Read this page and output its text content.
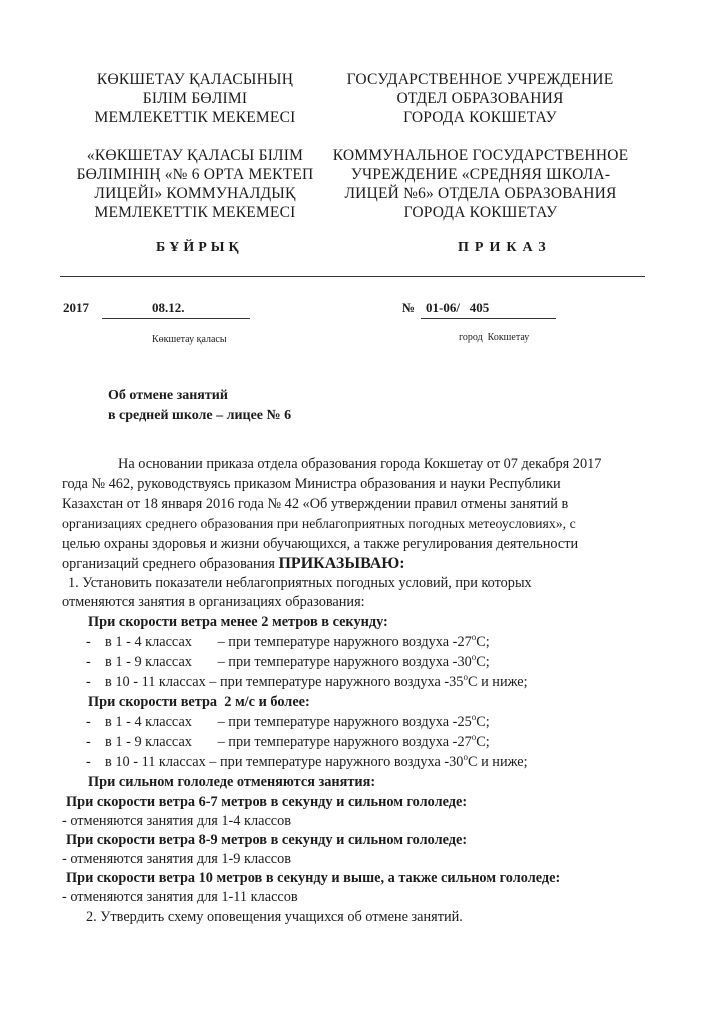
КӨКШЕТАУ ҚАЛАСЫНЫҢ
БІЛІМ БӨЛІМІ
МЕМЛЕКЕТТІК МЕКЕМЕСІ
«КӨКШЕТАУ ҚАЛАСЫ БІЛІМ
БӨЛІМІНІҢ «№ 6 ОРТА МЕКТЕП
ЛИЦЕЙІ» КОММУНАЛДЫҚ
МЕМЛЕКЕТТІК МЕКЕМЕСІ
БҰЙРЫҚ
ГОСУДАРСТВЕННОЕ УЧРЕЖДЕНИЕ
ОТДЕЛ ОБРАЗОВАНИЯ
ГОРОДА КОКШЕТАУ
КОММУНАЛЬНОЕ ГОСУДАРСТВЕННОЕ
УЧРЕЖДЕНИЕ «СРЕДНЯЯ ШКОЛА-
ЛИЦЕЙ №6» ОТДЕЛА ОБРАЗОВАНИЯ
ГОРОДА КОКШЕТАУ
ПРИКАЗ
2017	08.12.	№ 01-06/   405
Көкшетау қаласы	город  Кокшетау
Об отмене занятий
в средней школе – лицее № 6
На основании приказа отдела образования города Кокшетау от 07 декабря 2017
года № 462, руководствуясь приказом Министра образования и науки Республики
Казахстан от 18 января 2016 года № 42 «Об утверждении правил отмены занятий в
организациях среднего образования при неблагоприятных погодных метеоусловиях», с
целью охраны здоровья и жизни обучающихся, а также регулирования деятельности
организаций среднего образования ПРИКАЗЫВАЮ:
1. Установить показатели неблагоприятных погодных условий, при которых
отменяются занятия в организациях образования:
При скорости ветра менее 2 метров в секунду:
-    в 1 - 4 классах – при температуре наружного воздуха $-27^оС$;
-    в 1 - 9 классах – при температуре наружного воздуха $-30^оС$;
-    в 10 - 11 классах – при температуре наружного воздуха $-35^оС$ и ниже;
При скорости ветра  2 м/с и более:
-    в 1 - 4 классах – при температуре наружного воздуха $-25^оС$;
-    в 1 - 9 классах – при температуре наружного воздуха $-27^оС$;
-    в 10 - 11 классах – при температуре наружного воздуха $-30^оС$ и ниже;
При сильном гололеде отменяются занятия:
При скорости ветра 6-7 метров в секунду и сильном гололеде:
- отменяются занятия для 1-4 классов
При скорости ветра 8-9 метров в секунду и сильном гололеде:
- отменяются занятия для 1-9 классов
При скорости ветра 10 метров в секунду и выше, а также сильном гололеде:
- отменяются занятия для 1-11 классов
2. Утвердить схему оповещения учащихся об отмене занятий.
